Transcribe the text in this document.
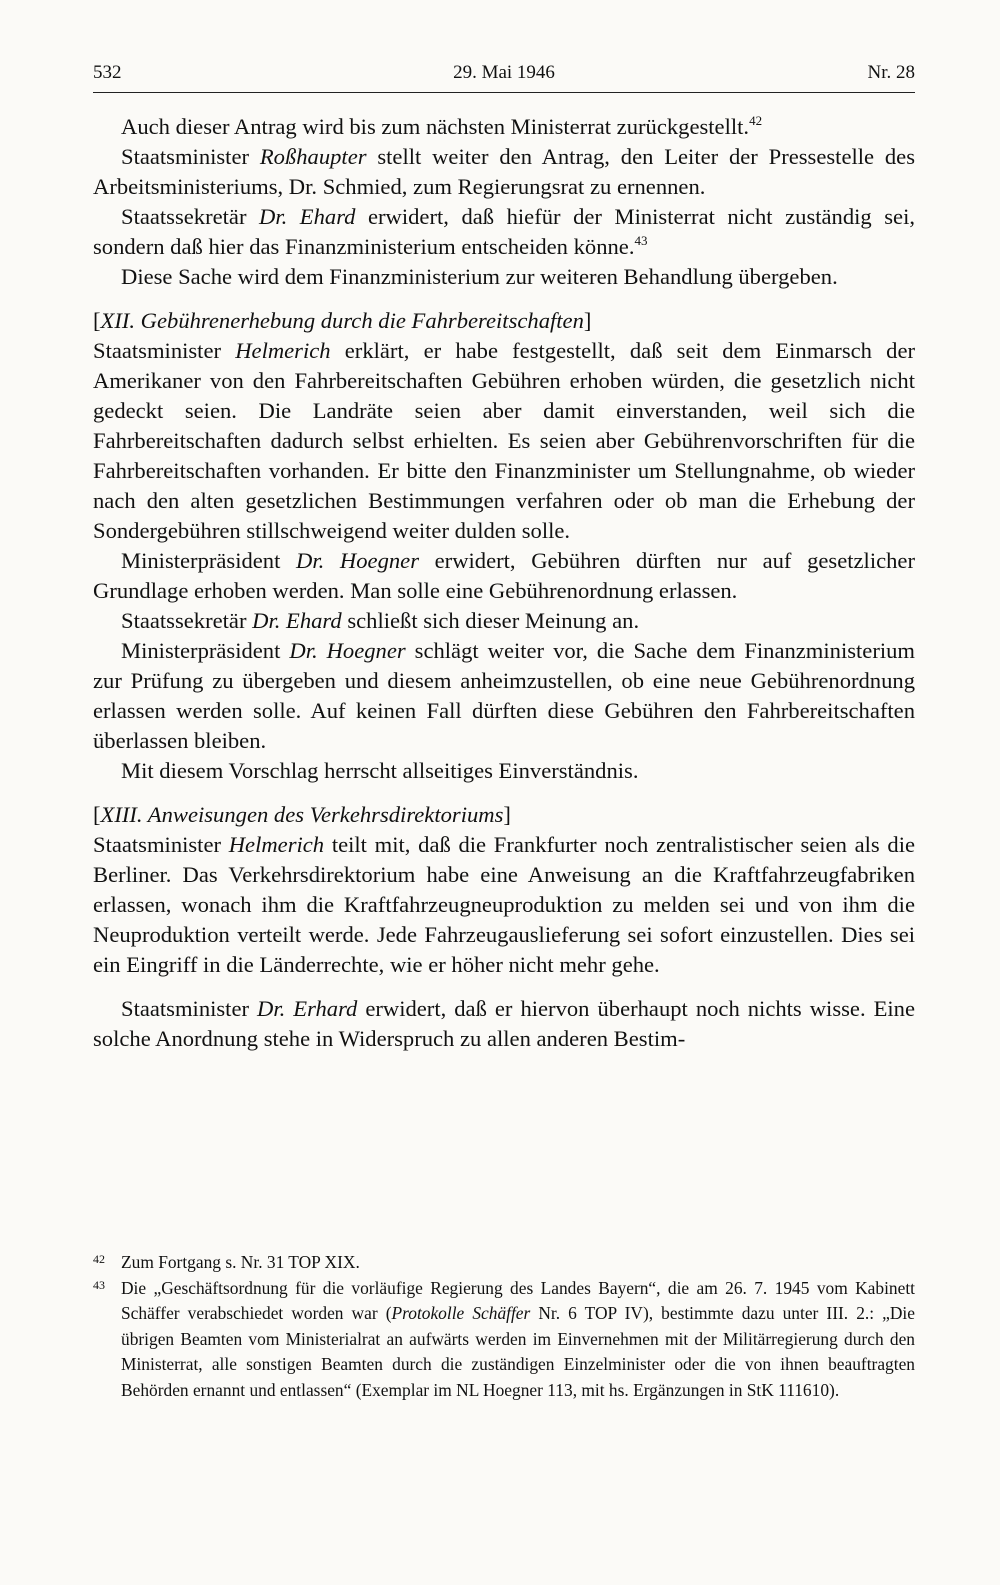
532	29. Mai 1946	Nr. 28

Auch dieser Antrag wird bis zum nächsten Ministerrat zurückgestellt.$^{42}$

Staatsminister Roßhaupter stellt weiter den Antrag, den Leiter der Pressestelle des Arbeitsministeriums, Dr. Schmied, zum Regierungsrat zu ernennen.

Staatssekretär Dr. Ehard erwidert, daß hiefür der Ministerrat nicht zuständig sei, sondern daß hier das Finanzministerium entscheiden könne.$^{43}$

Diese Sache wird dem Finanzministerium zur weiteren Behandlung übergeben.

[XII. Gebührenerhebung durch die Fahrbereitschaften]

Staatsminister Helmerich erklärt, er habe festgestellt, daß seit dem Einmarsch der Amerikaner von den Fahrbereitschaften Gebühren erhoben würden, die gesetzlich nicht gedeckt seien. Die Landräte seien aber damit einverstanden, weil sich die Fahrbereitschaften dadurch selbst erhielten. Es seien aber Gebührenvorschriften für die Fahrbereitschaften vorhanden. Er bitte den Finanzminister um Stellungnahme, ob wieder nach den alten gesetzlichen Bestimmungen verfahren oder ob man die Erhebung der Sondergebühren stillschweigend weiter dulden solle.

Ministerpräsident Dr. Hoegner erwidert, Gebühren dürften nur auf gesetzlicher Grundlage erhoben werden. Man solle eine Gebührenordnung erlassen.

Staatssekretär Dr. Ehard schließt sich dieser Meinung an.

Ministerpräsident Dr. Hoegner schlägt weiter vor, die Sache dem Finanzministerium zur Prüfung zu übergeben und diesem anheimzustellen, ob eine neue Gebührenordnung erlassen werden solle. Auf keinen Fall dürften diese Gebühren den Fahrbereitschaften überlassen bleiben.

Mit diesem Vorschlag herrscht allseitiges Einverständnis.

[XIII. Anweisungen des Verkehrsdirektoriums]

Staatsminister Helmerich teilt mit, daß die Frankfurter noch zentralistischer seien als die Berliner. Das Verkehrsdirektorium habe eine Anweisung an die Kraftfahrzeugfabriken erlassen, wonach ihm die Kraftfahrzeugneuproduktion zu melden sei und von ihm die Neuproduktion verteilt werde. Jede Fahrzeugauslieferung sei sofort einzustellen. Dies sei ein Eingriff in die Länderrechte, wie er höher nicht mehr gehe.

Staatsminister Dr. Erhard erwidert, daß er hiervon überhaupt noch nichts wisse. Eine solche Anordnung stehe in Widerspruch zu allen anderen Bestim-

42 Zum Fortgang s. Nr. 31 TOP XIX.

43 Die „Geschäftsordnung für die vorläufige Regierung des Landes Bayern“, die am 26. 7. 1945 vom Kabinett Schäffer verabschiedet worden war (Protokolle Schäffer Nr. 6 TOP IV), bestimmte dazu unter III. 2.: „Die übrigen Beamten vom Ministerialrat an aufwärts werden im Einvernehmen mit der Militärregierung durch den Ministerrat, alle sonstigen Beamten durch die zuständigen Einzelminister oder die von ihnen beauftragten Behörden ernannt und entlassen“ (Exemplar im NL Hoegner 113, mit hs. Ergänzungen in StK 111610).
